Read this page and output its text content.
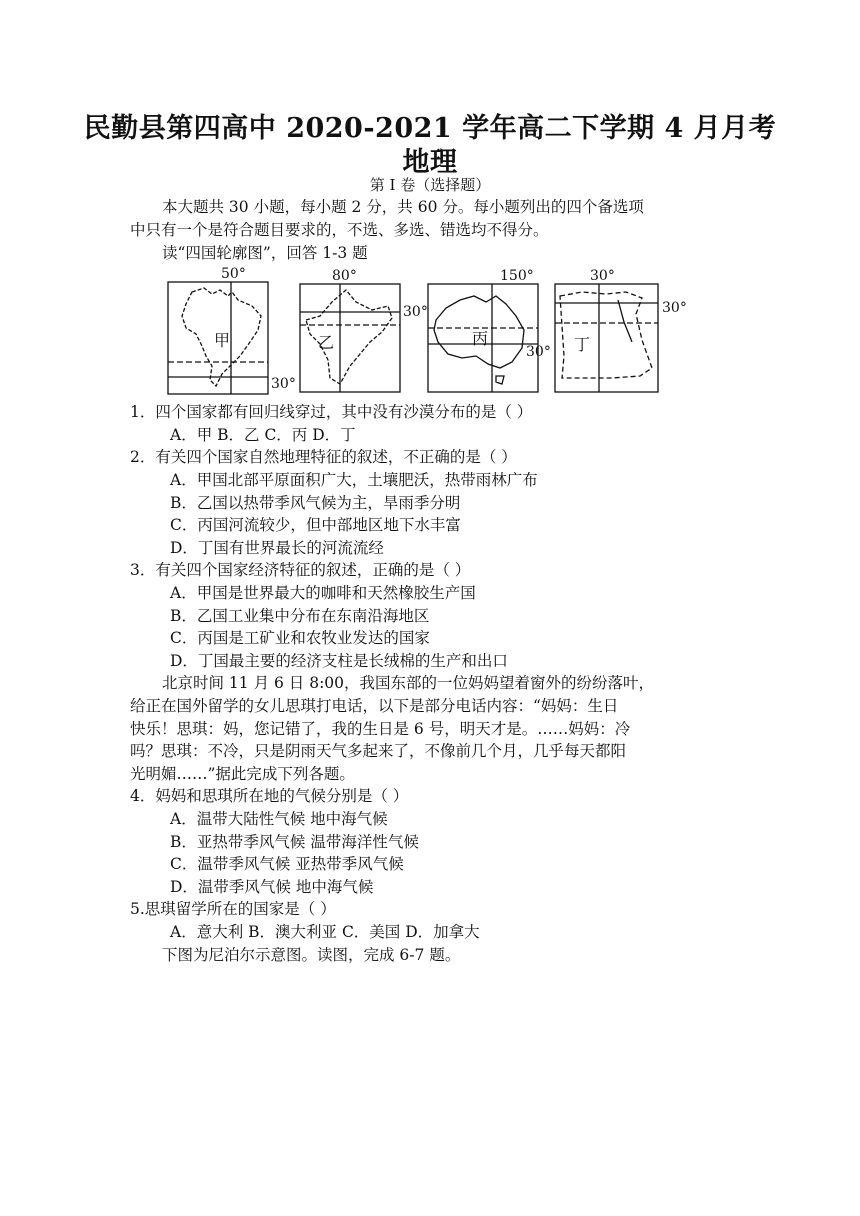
民勤县第四高中 2020-2021 学年高二下学期 4 月月考
地理
第 I 卷（选择题）
本大题共 30 小题，每小题 2 分，共 60 分。每小题列出的四个备选项
中只有一个是符合题目要求的，不选、多选、错选均不得分。
读“四国轮廓图”，回答 1-3 题
50°
30°
80°
30°
150°
30°
30°
30°
甲	乙	丙	丁
1．四个国家都有回归线穿过，其中没有沙漠分布的是（ ）
A．甲 B．乙 C．丙 D．丁
2．有关四个国家自然地理特征的叙述，不正确的是（ ）
A．甲国北部平原面积广大，土壤肥沃，热带雨林广布
B．乙国以热带季风气候为主，旱雨季分明
C．丙国河流较少，但中部地区地下水丰富
D．丁国有世界最长的河流流经
3．有关四个国家经济特征的叙述，正确的是（ ）
A．甲国是世界最大的咖啡和天然橡胶生产国
B．乙国工业集中分布在东南沿海地区
C．丙国是工矿业和农牧业发达的国家
D．丁国最主要的经济支柱是长绒棉的生产和出口
北京时间 11 月 6 日 8:00，我国东部的一位妈妈望着窗外的纷纷落叶，
给正在国外留学的女儿思琪打电话，以下是部分电话内容：“妈妈：生日
快乐！思琪：妈，您记错了，我的生日是 6 号，明天才是。……妈妈：冷
吗？思琪：不冷，只是阴雨天气多起来了，不像前几个月，几乎每天都阳
光明媚……”据此完成下列各题。
4．妈妈和思琪所在地的气候分别是（ ）
A．温带大陆性气候 地中海气候
B．亚热带季风气候 温带海洋性气候
C．温带季风气候 亚热带季风气候
D．温带季风气候 地中海气候
5.思琪留学所在的国家是（ ）
A．意大利 B．澳大利亚 C．美国 D．加拿大
下图为尼泊尔示意图。读图，完成 6-7 题。
